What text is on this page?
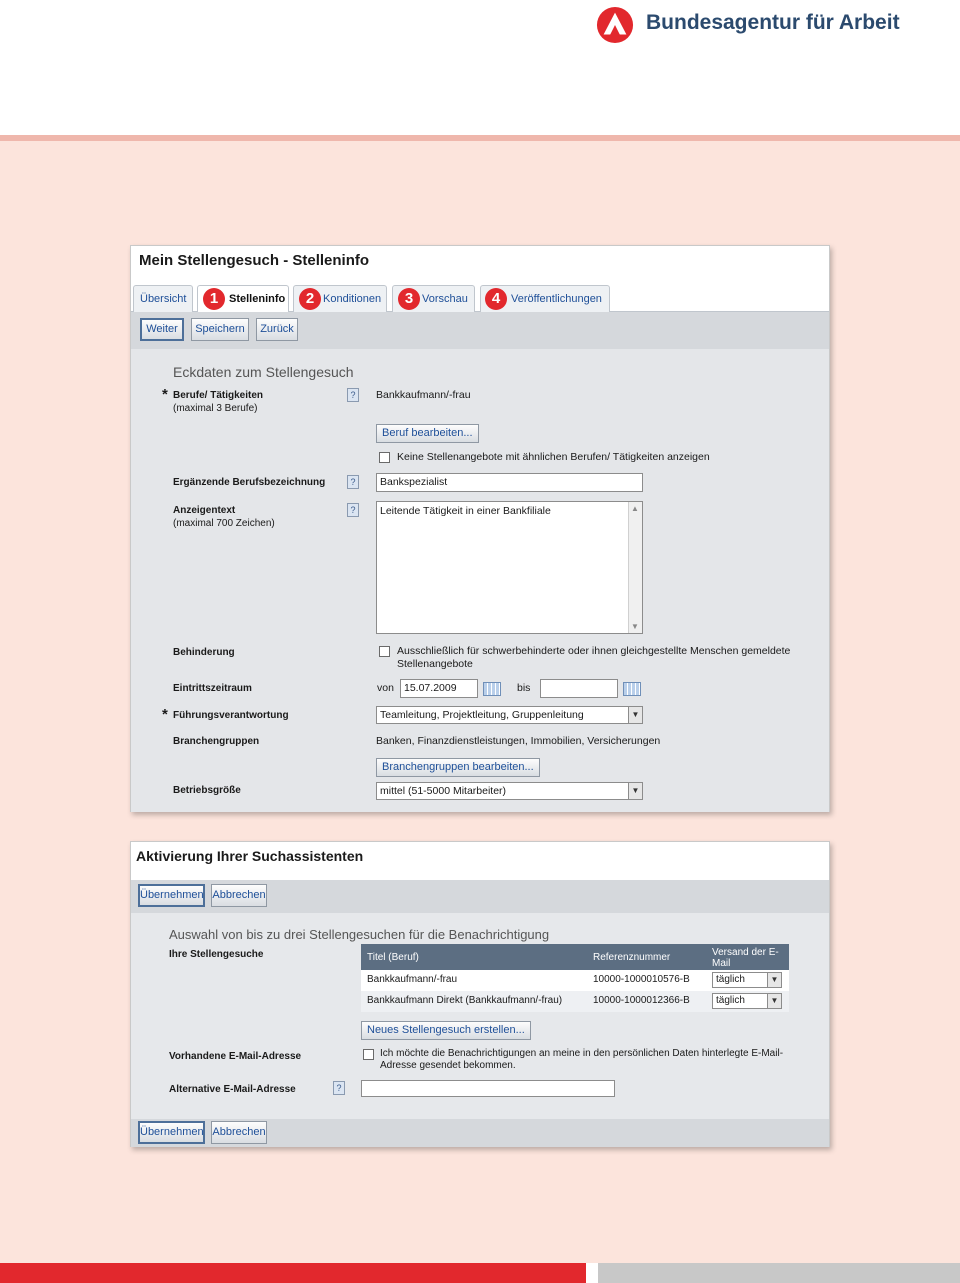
Bundesagentur für Arbeit
Mein Stellengesuch - Stelleninfo
Übersicht	1 Stelleninfo	2 Konditionen	3 Vorschau	4 Veröffentlichungen
Weiter	Speichern	Zurück
Eckdaten zum Stellengesuch
* Berufe/ Tätigkeiten
(maximal 3 Berufe)
?	Bankkaufmann/-frau
Beruf bearbeiten...
Keine Stellenangebote mit ähnlichen Berufen/ Tätigkeiten anzeigen
Ergänzende Berufsbezeichnung	?	Bankspezialist
Anzeigentext
(maximal 700 Zeichen)
?	Leitende Tätigkeit in einer Bankfiliale	▲
▼
Behinderung	Ausschließlich für schwerbehinderte oder ihnen gleichgestellte Menschen gemeldete
Stellenangebote
Eintrittszeitraum	von 15.07.2009	bis
* Führungsverantwortung	Teamleitung, Projektleitung, Gruppenleitung	▼
Branchengruppen	Banken, Finanzdienstleistungen, Immobilien, Versicherungen
Branchengruppen bearbeiten...
Betriebsgröße	mittel (51-5000 Mitarbeiter)	▼
Aktivierung Ihrer Suchassistenten
Übernehmen Abbrechen
Auswahl von bis zu drei Stellengesuchen für die Benachrichtigung
Ihre Stellengesuche	Titel (Beruf)	Referenznummer	Versand der E-
Mail
Bankkaufmann/-frau	10000-1000010576-B	täglich	▼
Bankkaufmann Direkt (Bankkaufmann/-frau)	10000-1000012366-B	täglich	▼
Neues Stellengesuch erstellen...
Vorhandene E-Mail-Adresse	Ich möchte die Benachrichtigungen an meine in den persönlichen Daten hinterlegte E-Mail-
Adresse gesendet bekommen.
Alternative E-Mail-Adresse	?
Übernehmen Abbrechen
